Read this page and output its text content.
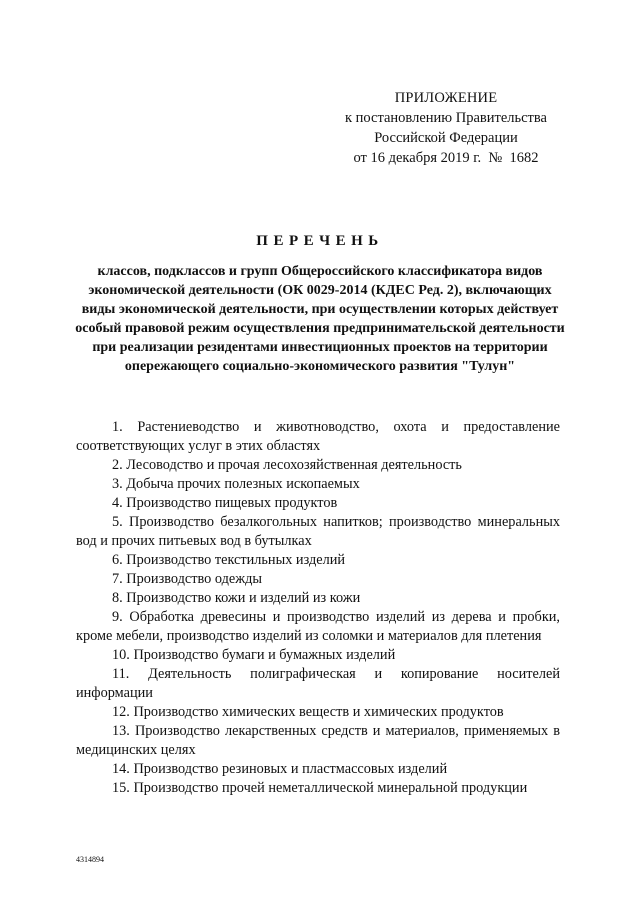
ПРИЛОЖЕНИЕ
к постановлению Правительства
Российской Федерации
от 16 декабря 2019 г.  №  1682
ПЕРЕЧЕНЬ
классов, подклассов и групп Общероссийского классификатора видов экономической деятельности (ОК 0029-2014 (КДЕС Ред. 2), включающих виды экономической деятельности, при осуществлении которых действует особый правовой режим осуществления предпринимательской деятельности при реализации резидентами инвестиционных проектов на территории опережающего социально-экономического развития "Тулун"

1. Растениеводство и животноводство, охота и предоставление соответствующих услуг в этих областях

2. Лесоводство и прочая лесохозяйственная деятельность

3. Добыча прочих полезных ископаемых

4. Производство пищевых продуктов

5. Производство безалкогольных напитков; производство минеральных вод и прочих питьевых вод в бутылках

6. Производство текстильных изделий

7. Производство одежды

8. Производство кожи и изделий из кожи

9. Обработка древесины и производство изделий из дерева и пробки, кроме мебели, производство изделий из соломки и материалов для плетения

10. Производство бумаги и бумажных изделий

11. Деятельность полиграфическая и копирование носителей информации

12. Производство химических веществ и химических продуктов

13. Производство лекарственных средств и материалов, применяемых в медицинских целях

14. Производство резиновых и пластмассовых изделий

15. Производство прочей неметаллической минеральной продукции

4314894
